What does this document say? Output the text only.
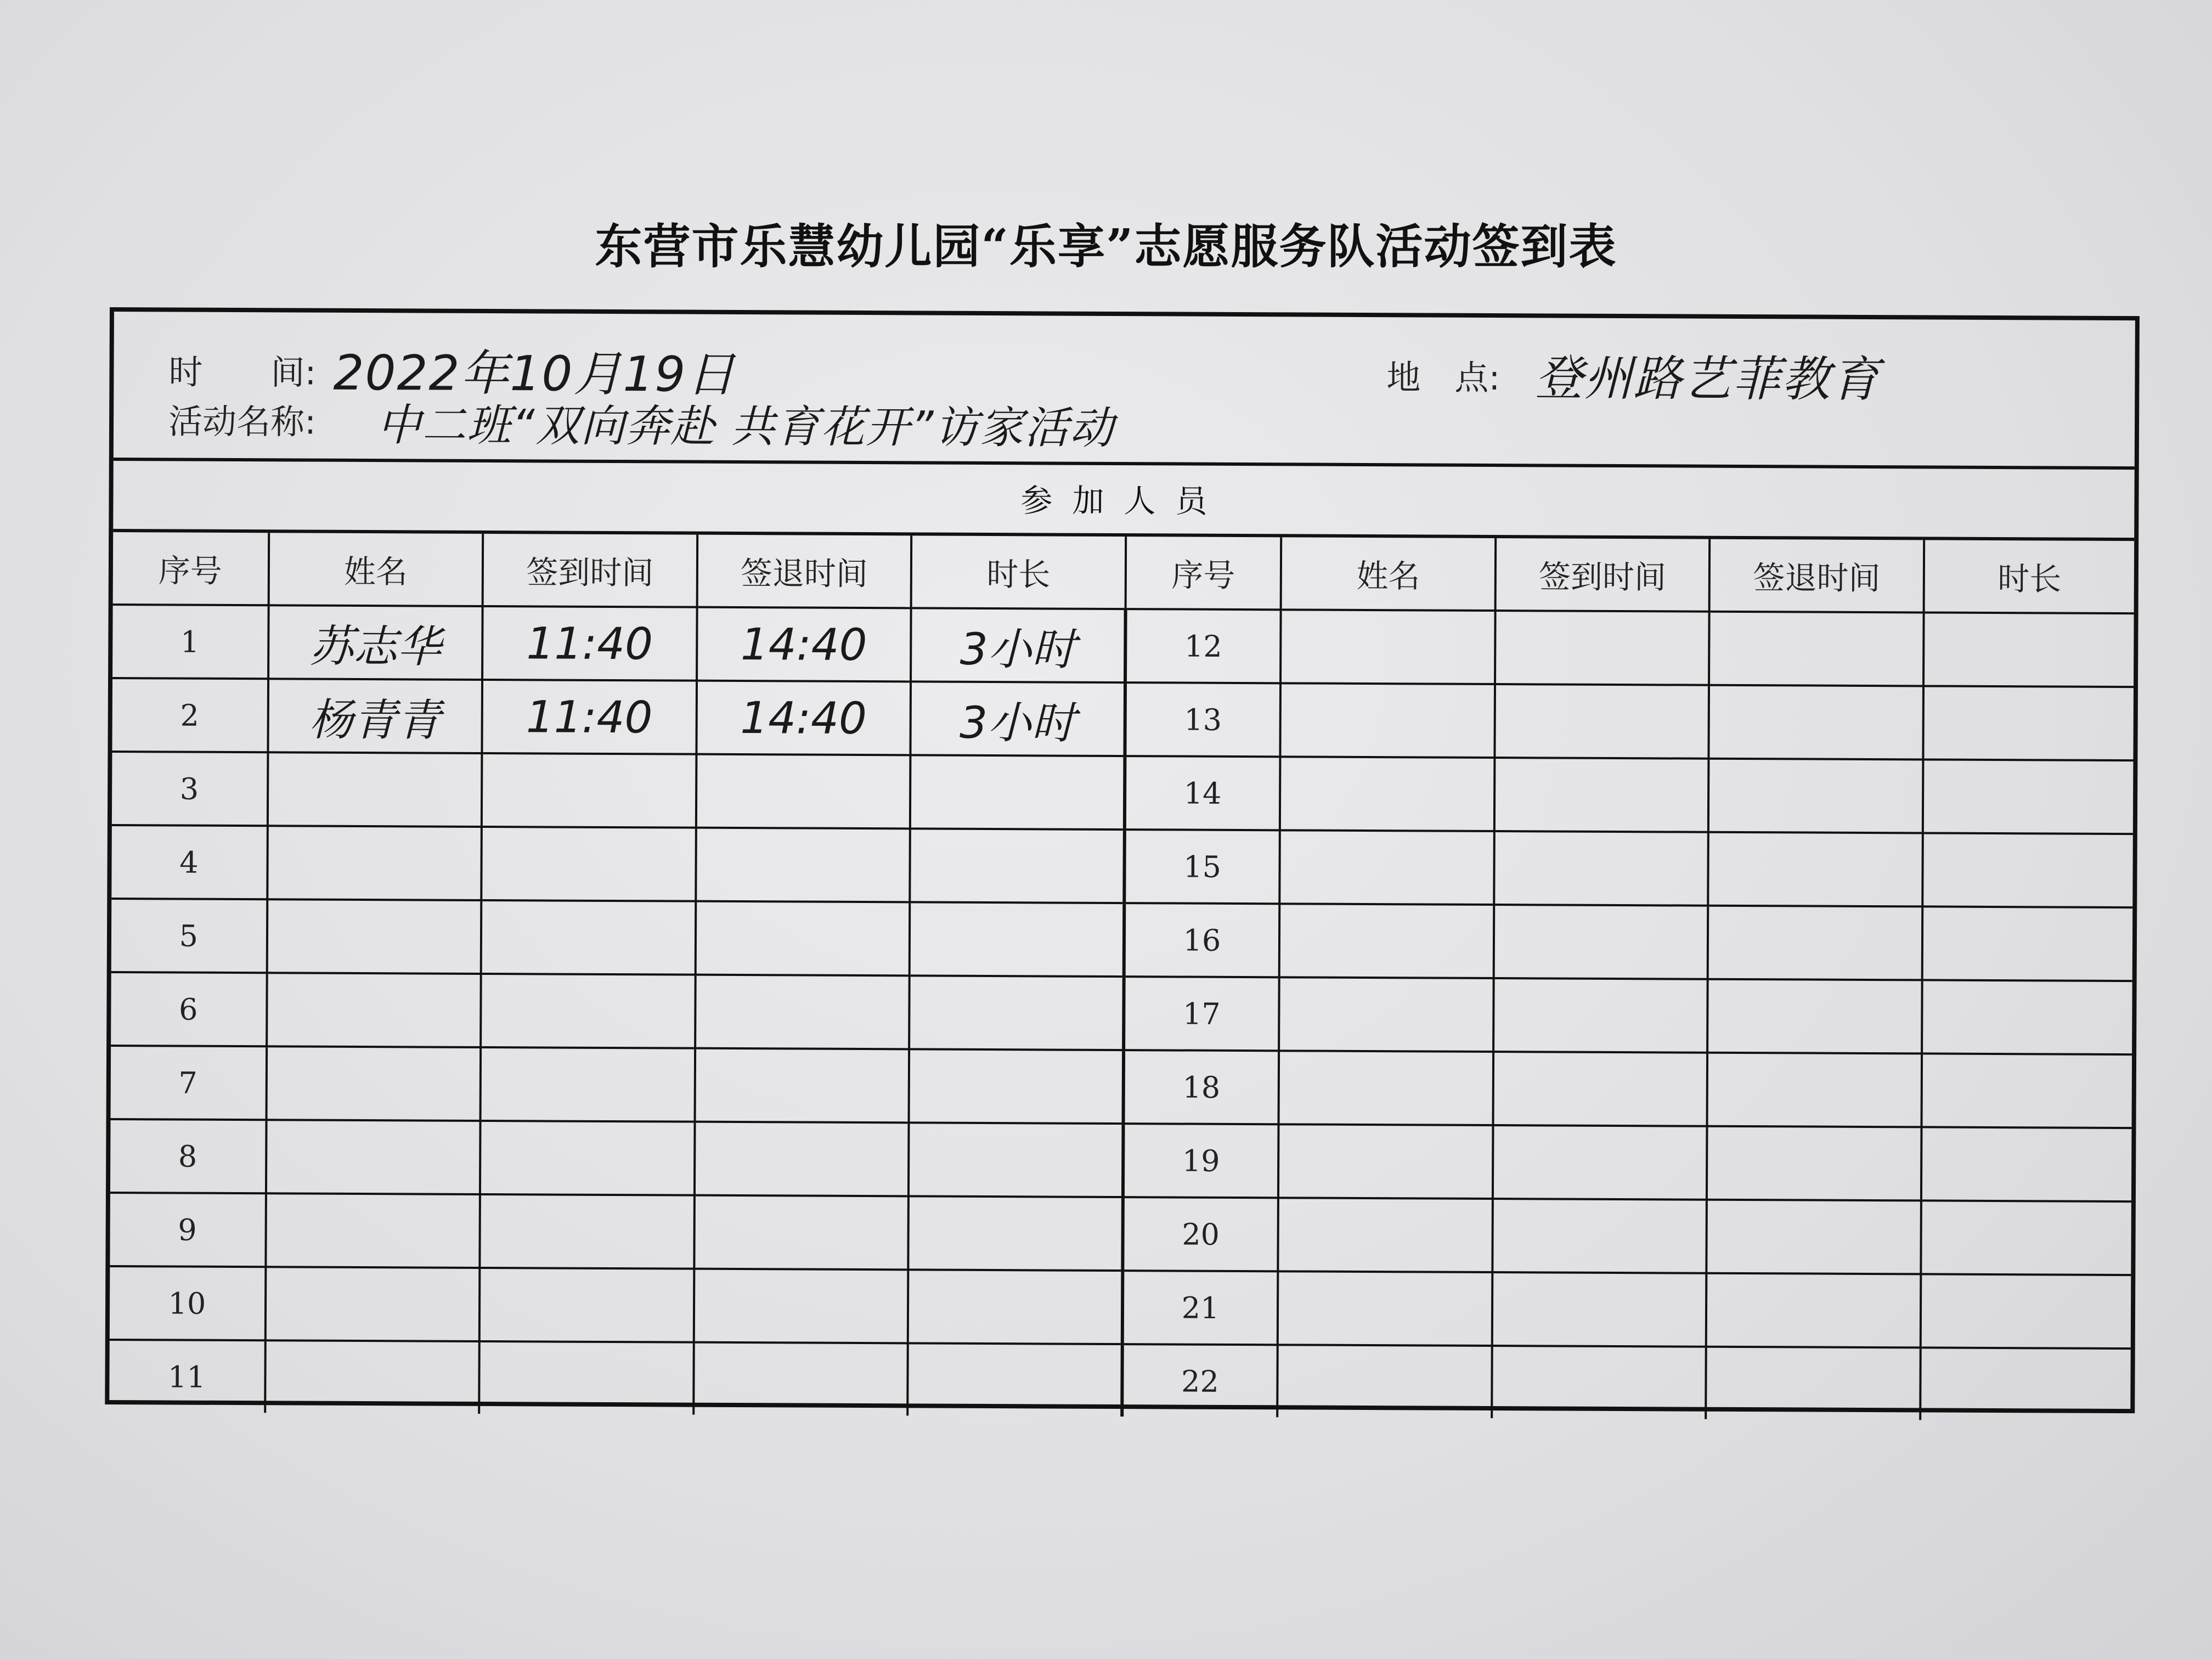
东营市乐慧幼儿园“乐享”志愿服务队活动签到表
时　　间: 2022年10月19日	地　点: 登州路艺菲教育
活动名称: 中二班“双向奔赴 共育花开”访家活动
参加人员
序号	姓名	签到时间	签退时间	时长	序号	姓名	签到时间	签退时间	时长
1	苏志华	11:40	14:40	3小时	12				
2	杨青青	11:40	14:40	3小时	13				
3					14				
4					15				
5					16				
6					17				
7					18				
8					19				
9					20				
10					21				
11					22				
